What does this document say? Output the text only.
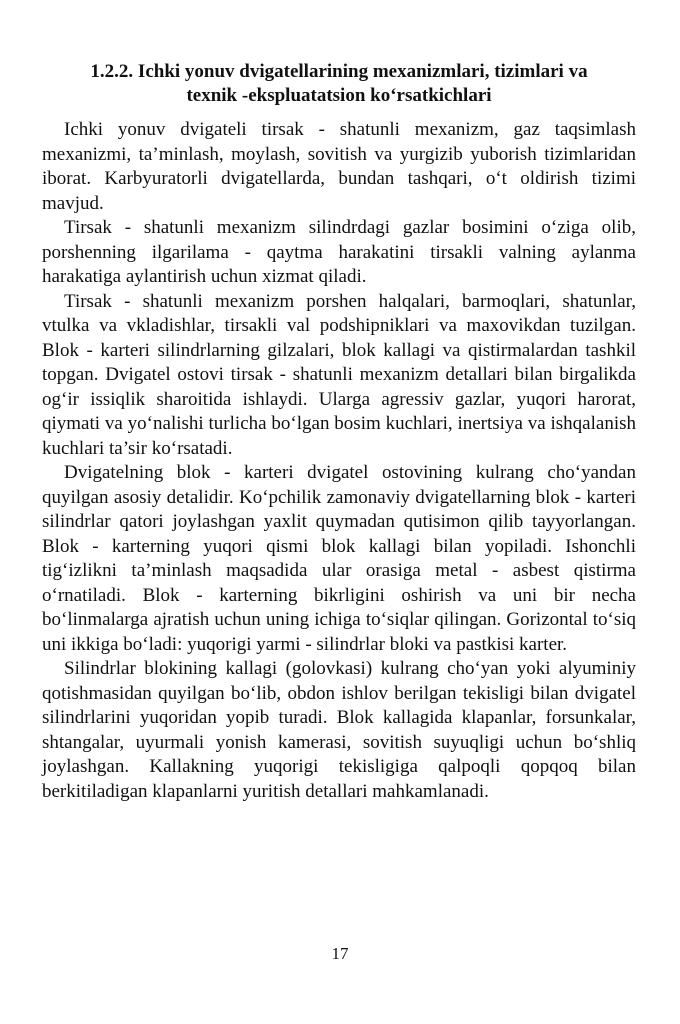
1.2.2. Ichki yonuv dvigatellarining mexanizmlari, tizimlari va
texnik -ekspluatatsion ko‘rsatkichlari

Ichki yonuv dvigateli tirsak - shatunli mexanizm, gaz taqsimlash mexanizmi, ta’minlash, moylash, sovitish va yurgizib yuborish tizimlaridan iborat. Karbyuratorli dvigatellarda, bundan tashqari, o‘t oldirish tizimi mavjud.

Tirsak - shatunli mexanizm silindrdagi gazlar bosimini o‘ziga olib, porshenning ilgarilama - qaytma harakatini tirsakli valning aylanma harakatiga aylantirish uchun xizmat qiladi.

Tirsak - shatunli mexanizm porshen halqalari, barmoqlari, shatunlar, vtulka va vkladishlar, tirsakli val podshipniklari va maxovikdan tuzilgan. Blok - karteri silindrlarning gilzalari, blok kallagi va qistirmalardan tashkil topgan. Dvigatel ostovi tirsak - shatunli mexanizm detallari bilan birgalikda og‘ir issiqlik sharoitida ishlaydi. Ularga agressiv gazlar, yuqori harorat, qiymati va yo‘nalishi turlicha bo‘lgan bosim kuchlari, inertsiya va ishqalanish kuchlari ta’sir ko‘rsatadi.

Dvigatelning blok - karteri dvigatel ostovining kulrang cho‘yandan quyilgan asosiy detalidir. Ko‘pchilik zamonaviy dvigatellarning blok - karteri silindrlar qatori joylashgan yaxlit quymadan qutisimon qilib tayyorlangan. Blok - karterning yuqori qismi blok kallagi bilan yopiladi. Ishonchli tig‘izlikni ta’minlash maqsadida ular orasiga metal - asbest qistirma o‘rnatiladi. Blok - karterning bikrligini oshirish va uni bir necha bo‘linmalarga ajratish uchun uning ichiga to‘siqlar qilingan. Gorizontal to‘siq uni ikkiga bo‘ladi: yuqorigi yarmi - silindrlar bloki va pastkisi karter.

Silindrlar blokining kallagi (golovkasi) kulrang cho‘yan yoki alyuminiy qotishmasidan quyilgan bo‘lib, obdon ishlov berilgan tekisligi bilan dvigatel silindrlarini yuqoridan yopib turadi. Blok kallagida klapanlar, forsunkalar, shtangalar, uyurmali yonish kamerasi, sovitish suyuqligi uchun bo‘shliq joylashgan. Kallakning yuqorigi tekisligiga qalpoqli qopqoq bilan berkitiladigan klapanlarni yuritish detallari mahkamlanadi.

17
